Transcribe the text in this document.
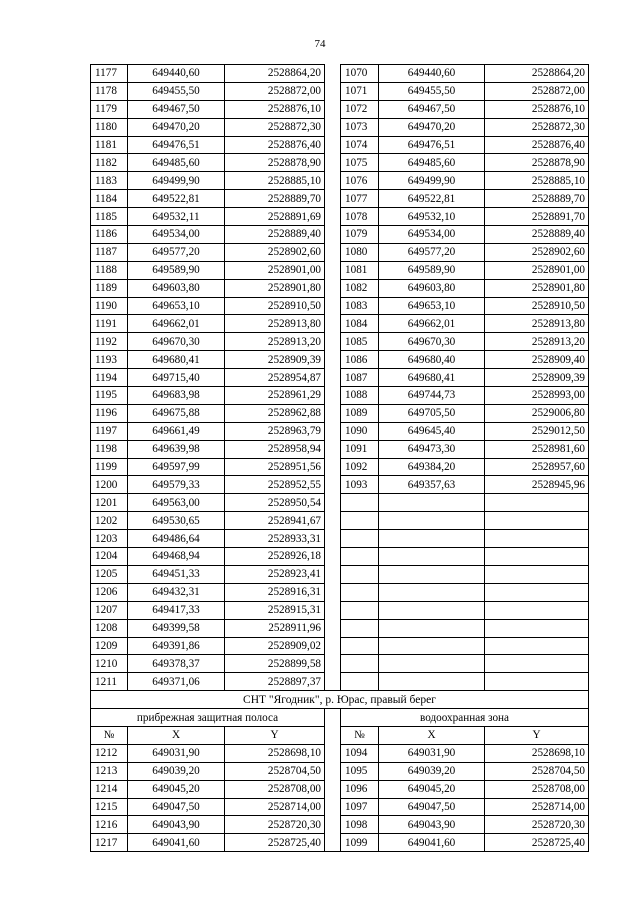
74
1177	649440,60	2528864,20		1070	649440,60	2528864,20
1178	649455,50	2528872,00		1071	649455,50	2528872,00
1179	649467,50	2528876,10		1072	649467,50	2528876,10
1180	649470,20	2528872,30		1073	649470,20	2528872,30
1181	649476,51	2528876,40		1074	649476,51	2528876,40
1182	649485,60	2528878,90		1075	649485,60	2528878,90
1183	649499,90	2528885,10		1076	649499,90	2528885,10
1184	649522,81	2528889,70		1077	649522,81	2528889,70
1185	649532,11	2528891,69		1078	649532,10	2528891,70
1186	649534,00	2528889,40		1079	649534,00	2528889,40
1187	649577,20	2528902,60		1080	649577,20	2528902,60
1188	649589,90	2528901,00		1081	649589,90	2528901,00
1189	649603,80	2528901,80		1082	649603,80	2528901,80
1190	649653,10	2528910,50		1083	649653,10	2528910,50
1191	649662,01	2528913,80		1084	649662,01	2528913,80
1192	649670,30	2528913,20		1085	649670,30	2528913,20
1193	649680,41	2528909,39		1086	649680,40	2528909,40
1194	649715,40	2528954,87		1087	649680,41	2528909,39
1195	649683,98	2528961,29		1088	649744,73	2528993,00
1196	649675,88	2528962,88		1089	649705,50	2529006,80
1197	649661,49	2528963,79		1090	649645,40	2529012,50
1198	649639,98	2528958,94		1091	649473,30	2528981,60
1199	649597,99	2528951,56		1092	649384,20	2528957,60
1200	649579,33	2528952,55		1093	649357,63	2528945,96
1201	649563,00	2528950,54				
1202	649530,65	2528941,67				
1203	649486,64	2528933,31				
1204	649468,94	2528926,18				
1205	649451,33	2528923,41				
1206	649432,31	2528916,31				
1207	649417,33	2528915,31				
1208	649399,58	2528911,96				
1209	649391,86	2528909,02				
1210	649378,37	2528899,58				
1211	649371,06	2528897,37				
СНТ "Ягодник", р. Юрас, правый берег						
прибрежная защитная полоса				водоохранная зона		
№	X	Y		№	X	Y
1212	649031,90	2528698,10		1094	649031,90	2528698,10
1213	649039,20	2528704,50		1095	649039,20	2528704,50
1214	649045,20	2528708,00		1096	649045,20	2528708,00
1215	649047,50	2528714,00		1097	649047,50	2528714,00
1216	649043,90	2528720,30		1098	649043,90	2528720,30
1217	649041,60	2528725,40		1099	649041,60	2528725,40
